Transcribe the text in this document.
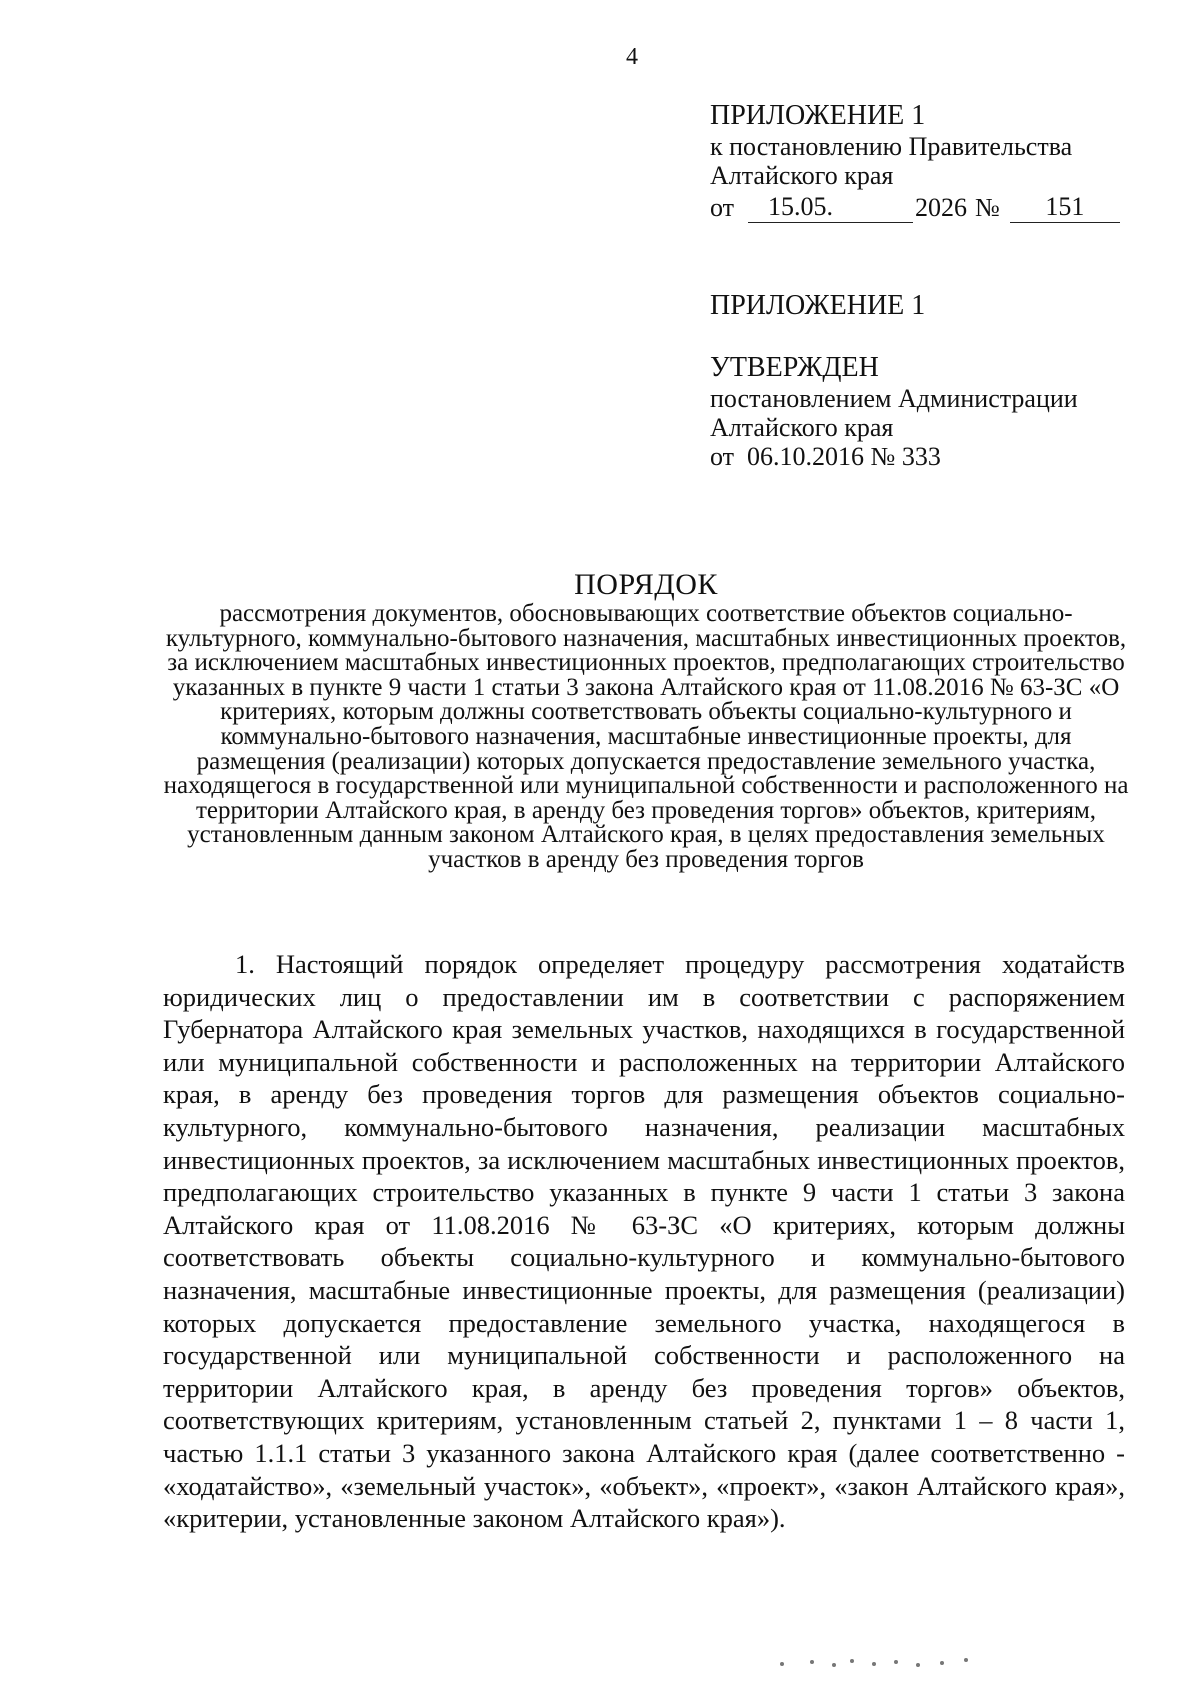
4
ПРИЛОЖЕНИЕ 1
к постановлению Правительства
Алтайского края
от	15.05.	2026 №	151
ПРИЛОЖЕНИЕ 1
УТВЕРЖДЕН
постановлением Администрации
Алтайского края
от  06.10.2016 № 333
ПОРЯДОК
рассмотрения документов, обосновывающих соответствие объектов социально-культурного, коммунально-бытового назначения, масштабных инвестиционных проектов, за исключением масштабных инвестиционных проектов, предполагающих строительство указанных в пункте 9 части 1 статьи 3 закона Алтайского края от 11.08.2016 № 63-ЗС «О критериях, которым должны соответствовать объекты социально-культурного и коммунально-бытового назначения, масштабные инвестиционные проекты, для размещения (реализации) которых допускается предоставление земельного участка, находящегося в государственной или муниципальной собственности и расположенного на территории Алтайского края, в аренду без проведения торгов» объектов, критериям, установленным данным законом Алтайского края, в целях предоставления земельных участков в аренду без проведения торгов
1. Настоящий порядок определяет процедуру рассмотрения ходатайств юридических лиц о предоставлении им в соответствии с распоряжением Губернатора Алтайского края земельных участков, находящихся в государственной или муниципальной собственности и расположенных на территории Алтайского края, в аренду без проведения торгов для размещения объектов социально-культурного, коммунально-бытового назначения, реализации масштабных инвестиционных проектов, за исключением масштабных инвестиционных проектов, предполагающих строительство указанных в пункте 9 части 1 статьи 3 закона Алтайского края от 11.08.2016 № 63-ЗС «О критериях, которым должны соответствовать объекты социально-культурного и коммунально-бытового назначения, масштабные инвестиционные проекты, для размещения (реализации) которых допускается предоставление земельного участка, находящегося в государственной или муниципальной собственности и расположенного на территории Алтайского края, в аренду без проведения торгов» объектов, соответствующих критериям, установленным статьей 2, пунктами 1 – 8 части 1, частью 1.1.1 статьи 3 указанного закона Алтайского края (далее соответственно - «ходатайство», «земельный участок», «объект», «проект», «закон Алтайского края», «критерии, установленные законом Алтайского края»).
